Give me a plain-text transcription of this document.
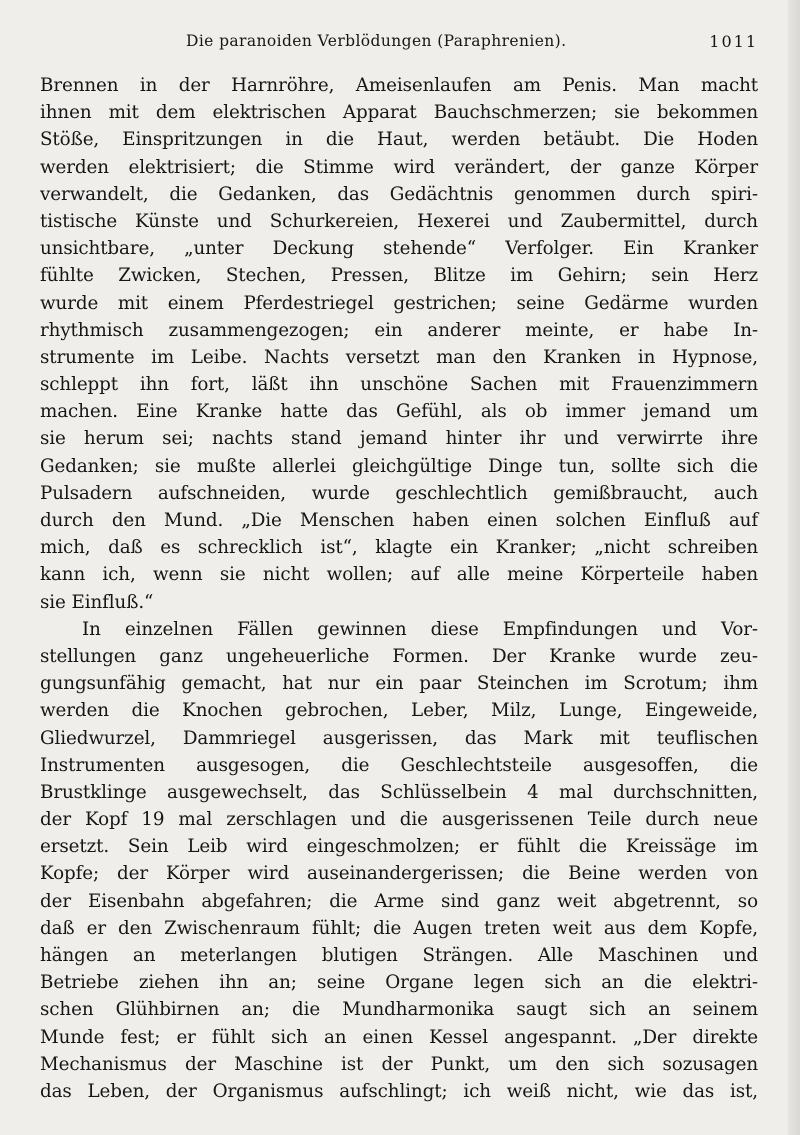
Die paranoiden Verblödungen (Paraphrenien).	1011
Brennen in der Harnröhre, Ameisenlaufen am Penis. Man macht
ihnen mit dem elektrischen Apparat Bauchschmerzen; sie bekommen
Stöße, Einspritzungen in die Haut, werden betäubt. Die Hoden
werden elektrisiert; die Stimme wird verändert, der ganze Körper
verwandelt, die Gedanken, das Gedächtnis genommen durch spiri-
tistische Künste und Schurkereien, Hexerei und Zaubermittel, durch
unsichtbare, „unter Deckung stehende“ Verfolger. Ein Kranker
fühlte Zwicken, Stechen, Pressen, Blitze im Gehirn; sein Herz
wurde mit einem Pferdestriegel gestrichen; seine Gedärme wurden
rhythmisch zusammengezogen; ein anderer meinte, er habe In-
strumente im Leibe. Nachts versetzt man den Kranken in Hypnose,
schleppt ihn fort, läßt ihn unschöne Sachen mit Frauenzimmern
machen. Eine Kranke hatte das Gefühl, als ob immer jemand um
sie herum sei; nachts stand jemand hinter ihr und verwirrte ihre
Gedanken; sie mußte allerlei gleichgültige Dinge tun, sollte sich die
Pulsadern aufschneiden, wurde geschlechtlich gemißbraucht, auch
durch den Mund. „Die Menschen haben einen solchen Einfluß auf
mich, daß es schrecklich ist“, klagte ein Kranker; „nicht schreiben
kann ich, wenn sie nicht wollen; auf alle meine Körperteile haben
sie Einfluß.“
In einzelnen Fällen gewinnen diese Empfindungen und Vor-
stellungen ganz ungeheuerliche Formen. Der Kranke wurde zeu-
gungsunfähig gemacht, hat nur ein paar Steinchen im Scrotum; ihm
werden die Knochen gebrochen, Leber, Milz, Lunge, Eingeweide,
Gliedwurzel, Dammriegel ausgerissen, das Mark mit teuflischen
Instrumenten ausgesogen, die Geschlechtsteile ausgesoffen, die
Brustklinge ausgewechselt, das Schlüsselbein 4 mal durchschnitten,
der Kopf 19 mal zerschlagen und die ausgerissenen Teile durch neue
ersetzt. Sein Leib wird eingeschmolzen; er fühlt die Kreissäge im
Kopfe; der Körper wird auseinandergerissen; die Beine werden von
der Eisenbahn abgefahren; die Arme sind ganz weit abgetrennt, so
daß er den Zwischenraum fühlt; die Augen treten weit aus dem Kopfe,
hängen an meterlangen blutigen Strängen. Alle Maschinen und
Betriebe ziehen ihn an; seine Organe legen sich an die elektri-
schen Glühbirnen an; die Mundharmonika saugt sich an seinem
Munde fest; er fühlt sich an einen Kessel angespannt. „Der direkte
Mechanismus der Maschine ist der Punkt, um den sich sozusagen
das Leben, der Organismus aufschlingt; ich weiß nicht, wie das ist,
